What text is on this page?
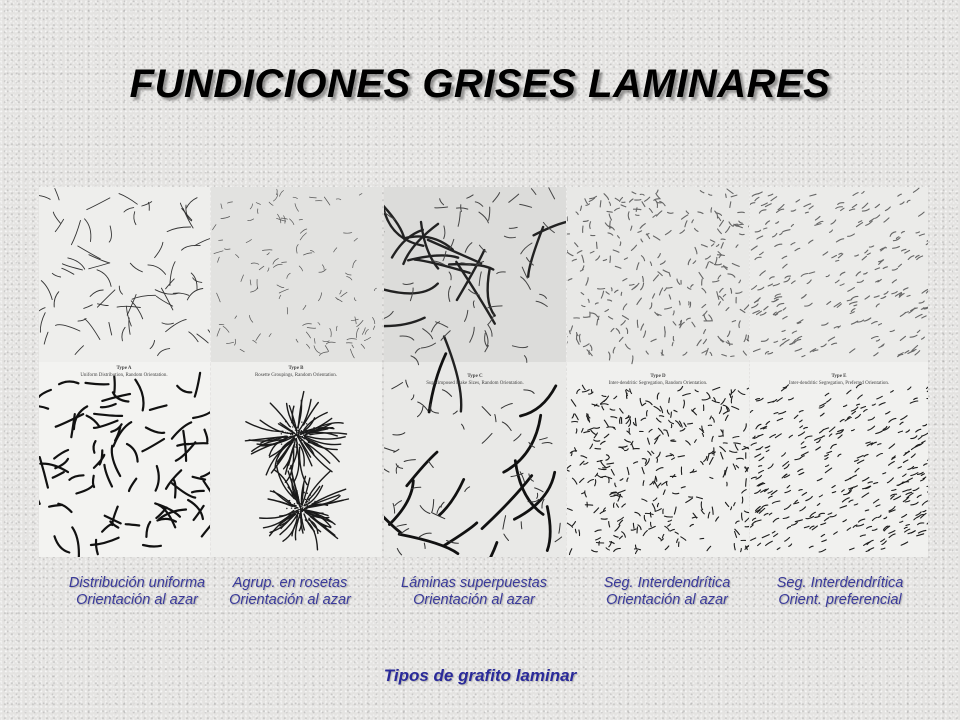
FUNDICIONES GRISES LAMINARES
Type A
Uniform Distribution, Random Orientation.
Type B
Rosette Groupings, Random Orientation.	Type C
Superimposed Flake Sizes, Random Orientation.
Type D
Inter-dendritic Segregation, Random Orientation.
Type E
Inter-dendritic Segregation, Preferred Orientation.
Distribución uniforma
Orientación al azar
Agrup. en rosetas
Orientación al azar
Láminas superpuestas
Orientación al azar
Seg. Interdendrítica
Orientación al azar
Seg. Interdendrítica
Orient. preferencial
Tipos de grafito laminar
